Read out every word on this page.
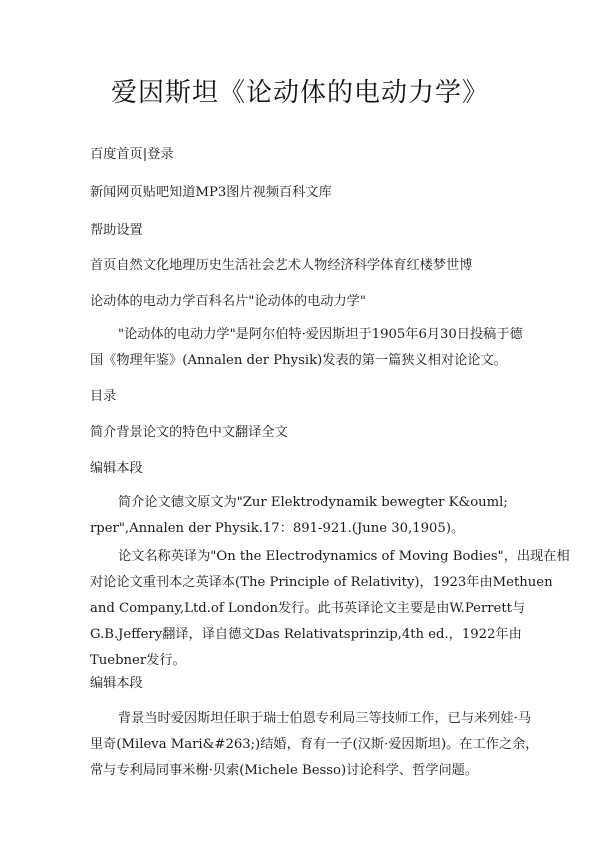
爱因斯坦《论动体的电动力学》
百度首页|登录
新闻网页贴吧知道MP3图片视频百科文库
帮助设置
首页自然文化地理历史生活社会艺术人物经济科学体育红楼梦世博
论动体的电动力学百科名片"论动体的电动力学"
"论动体的电动力学"是阿尔伯特·爱因斯坦于1905年6月30日投稿于德
国《物理年鉴》(Annalen der Physik)发表的第一篇狭义相对论论文。
目录
简介背景论文的特色中文翻译全文
编辑本段
简介论文德文原文为"Zur Elektrodynamik bewegter K&ouml;
rper",Annalen der Physik.17：891-921.(June 30,1905)。
论文名称英译为"On the Electrodynamics of Moving Bodies"，出现在相
对论论文重刊本之英译本(The Principle of Relativity)，1923年由Methuen
and Company,Ltd.of London发行。此书英译论文主要是由W.Perrett与
G.B.Jeffery翻译，译自德文Das Relativatsprinzip,4th ed.，1922年由
Tuebner发行。
编辑本段
背景当时爱因斯坦任职于瑞士伯恩专利局三等技师工作，已与米列娃·马
里奇(Mileva Mari&#263;)结婚，育有一子(汉斯·爱因斯坦)。在工作之余，
常与专利局同事米榭·贝索(Michele Besso)讨论科学、哲学问题。
